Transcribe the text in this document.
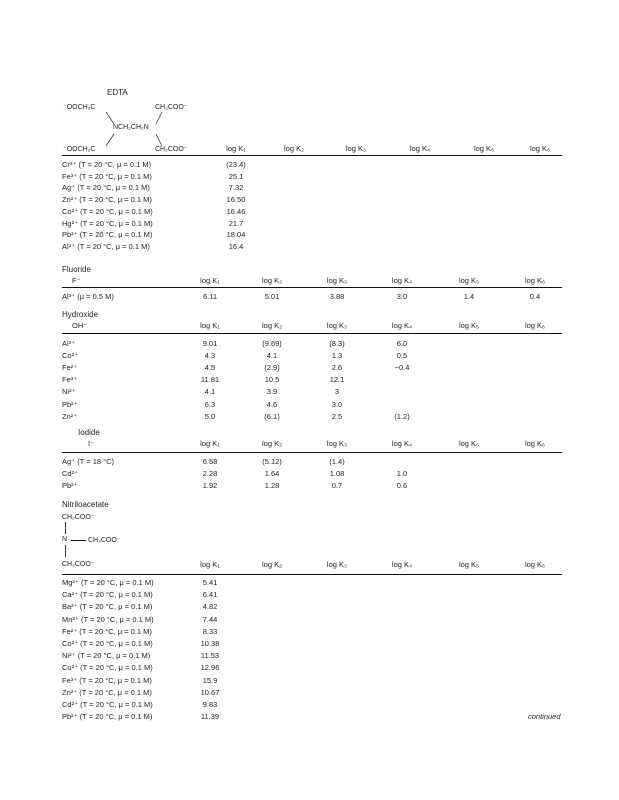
EDTA
⁻OOCH₂C	CH₂COO⁻
NCH₂CH₂N
⁻OOCH₂C	CH₂COO⁻
Fluoride
F⁻
Hydroxide
OH⁻
Iodide
I⁻
Nitriloacetate
CH₂COO⁻
N	CH₂COO⁻
CH₂COO⁻
continued
log K₁	log K₂	log K₃	log K₄	log K₅	log K₆
Cr³⁺ (T = 20 °C, μ = 0.1 M)	(23.4)
Fe³⁺ (T = 20 °C, μ = 0.1 M)	25.1
Ag⁺ (T = 20 °C, μ = 0.1 M)	7.32
Zn²⁺ (T = 20 °C, μ = 0.1 M)	16.50
Co²⁺ (T = 20 °C, μ = 0.1 M)	16.46
Hg²⁺ (T = 20 °C, μ = 0.1 M)	21.7
Pb²⁺ (T = 20 °C, μ = 0.1 M)	18.04
Al³⁺ (T = 20 °C, μ = 0.1 M)	16.4
log K₁	log K₂	log K₃	log K₄	log K₅	log K₆
Al³⁺ (μ = 0.5 M)	6.11	5.01	3.88	3.0	1.4	0.4
log K₁	log K₂	log K₃	log K₄	log K₅	log K₆
Al³⁺	9.01	(9.69)	(8.3)	6.0
Co²⁺	4.3	4.1	1.3	0.5
Fe²⁺	4.5	(2.9)	2.6	−0.4
Fe³⁺	11.81	10.5	12.1
Ni²⁺	4.1	3.9	3
Pb²⁺	6.3	4.6	3.0
Zn²⁺	5.0	(6.1)	2.5	(1.2)
log K₁	log K₂	log K₃	log K₄	log K₅	log K₆
Ag⁺ (T = 18 °C)	6.58	(5.12)	(1.4)
Cd²⁺	2.28	1.64	1.08	1.0
Pb²⁺	1.92	1.28	0.7	0.6
log K₁	log K₂	log K₃	log K₄	log K₅	log K₆
Mg²⁺ (T = 20 °C, μ = 0.1 M)	5.41
Ca²⁺ (T = 20 °C, μ = 0.1 M)	6.41
Ba²⁺ (T = 20 °C, μ = 0.1 M)	4.82
Mn²⁺ (T = 20 °C, μ = 0.1 M)	7.44
Fe²⁺ (T = 20 °C, μ = 0.1 M)	8.33
Co²⁺ (T = 20 °C, μ = 0.1 M)	10.38
Ni²⁺ (T = 20 °C, μ = 0.1 M)	11.53
Cu²⁺ (T = 20 °C, μ = 0.1 M)	12.96
Fe³⁺ (T = 20 °C, μ = 0.1 M)	15.9
Zn²⁺ (T = 20 °C, μ = 0.1 M)	10.67
Cd²⁺ (T = 20 °C, μ = 0.1 M)	9.83
Pb²⁺ (T = 20 °C, μ = 0.1 M)	11.39
